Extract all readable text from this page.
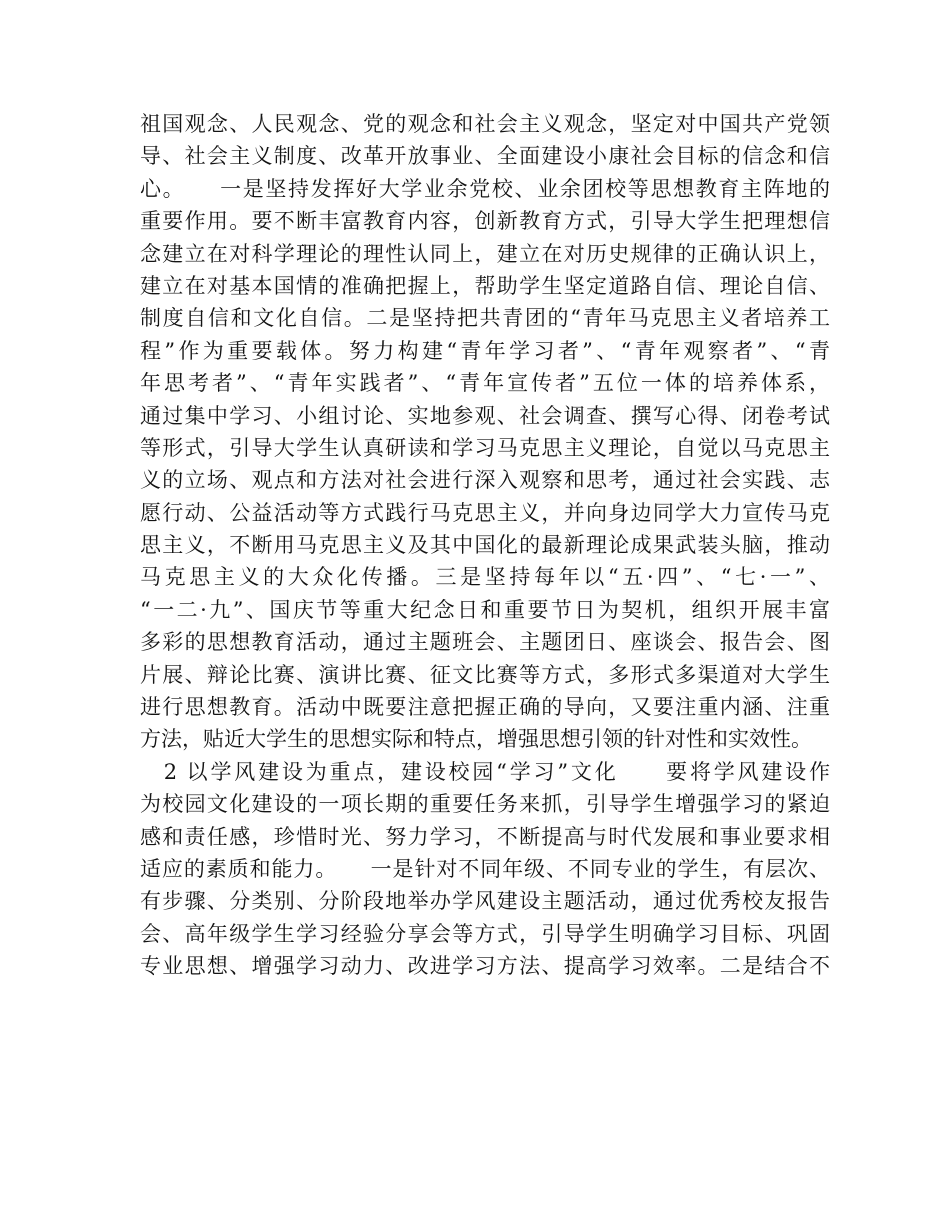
祖国观念、人民观念、党的观念和社会主义观念，坚定对中国共产党领
导、社会主义制度、改革开放事业、全面建设小康社会目标的信念和信
心。　　一是坚持发挥好大学业余党校、业余团校等思想教育主阵地的
重要作用。要不断丰富教育内容，创新教育方式，引导大学生把理想信
念建立在对科学理论的理性认同上，建立在对历史规律的正确认识上，
建立在对基本国情的准确把握上，帮助学生坚定道路自信、理论自信、
制度自信和文化自信。二是坚持把共青团的“青年马克思主义者培养工
程”作为重要载体。努力构建“青年学习者”、“青年观察者”、“青
年思考者”、“青年实践者”、“青年宣传者”五位一体的培养体系，
通过集中学习、小组讨论、实地参观、社会调查、撰写心得、闭卷考试
等形式，引导大学生认真研读和学习马克思主义理论，自觉以马克思主
义的立场、观点和方法对社会进行深入观察和思考，通过社会实践、志
愿行动、公益活动等方式践行马克思主义，并向身边同学大力宣传马克
思主义，不断用马克思主义及其中国化的最新理论成果武装头脑，推动
马克思主义的大众化传播。三是坚持每年以“五·四”、“七·一”、
“一二·九”、国庆节等重大纪念日和重要节日为契机，组织开展丰富
多彩的思想教育活动，通过主题班会、主题团日、座谈会、报告会、图
片展、辩论比赛、演讲比赛、征文比赛等方式，多形式多渠道对大学生
进行思想教育。活动中既要注意把握正确的导向，又要注重内涵、注重
方法，贴近大学生的思想实际和特点，增强思想引领的针对性和实效性。
　2 以学风建设为重点，建设校园“学习”文化　　要将学风建设作
为校园文化建设的一项长期的重要任务来抓，引导学生增强学习的紧迫
感和责任感，珍惜时光、努力学习，不断提高与时代发展和事业要求相
适应的素质和能力。　　一是针对不同年级、不同专业的学生，有层次、
有步骤、分类别、分阶段地举办学风建设主题活动，通过优秀校友报告
会、高年级学生学习经验分享会等方式，引导学生明确学习目标、巩固
专业思想、增强学习动力、改进学习方法、提高学习效率。二是结合不
